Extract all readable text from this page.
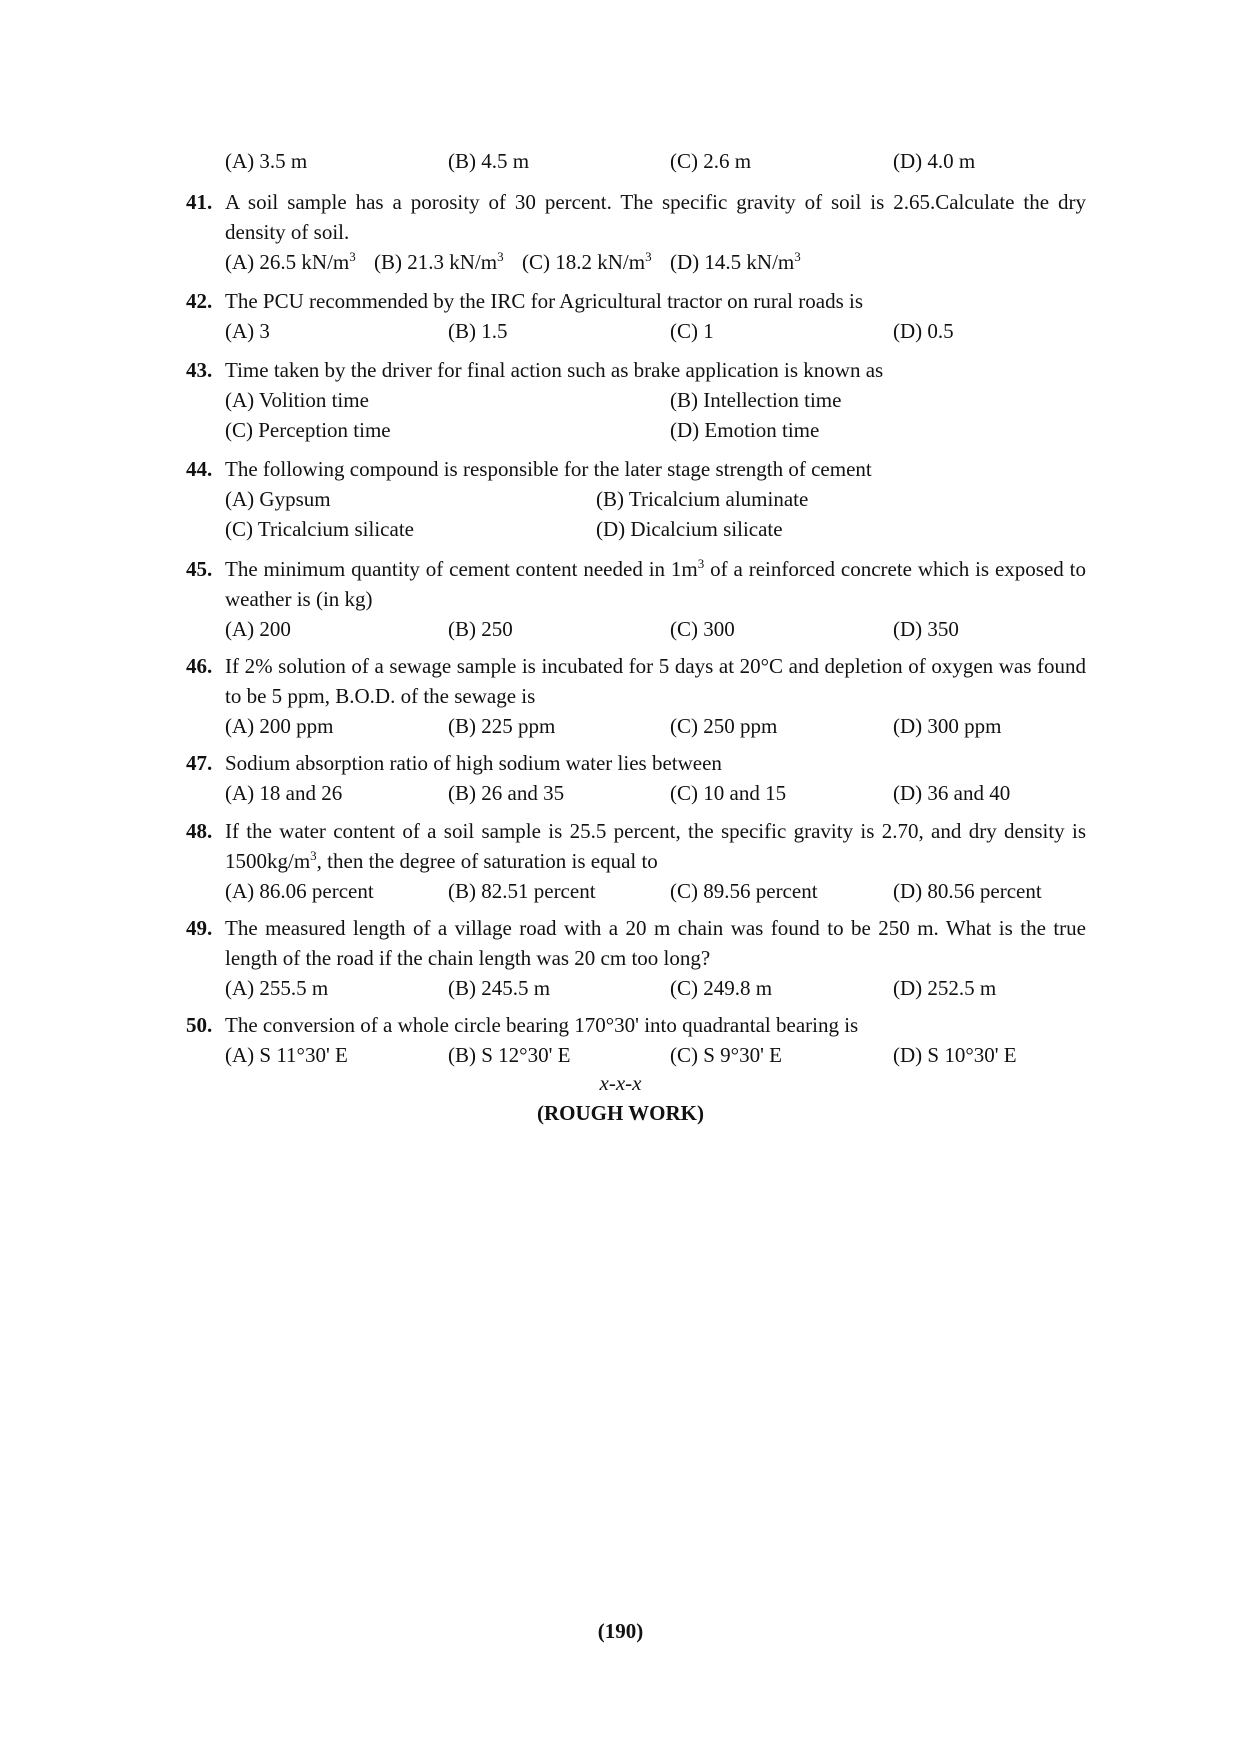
(A) 3.5 m	(B) 4.5 m	(C) 2.6 m	(D) 4.0 m
41. A soil sample has a porosity of 30 percent. The specific gravity of soil is 2.65.Calculate the dry density of soil.
(A) 26.5 $kN/m^3$ (B) 21.3 $kN/m^3$ (C) 18.2 $kN/m^3$ (D) 14.5 $kN/m^3$
42. The PCU recommended by the IRC for Agricultural tractor on rural roads is
(A) 3	(B) 1.5	(C) 1	(D) 0.5
43. Time taken by the driver for final action such as brake application is known as
(A) Volition time	(B) Intellection time
(C) Perception time	(D) Emotion time
44. The following compound is responsible for the later stage strength of cement
(A) Gypsum	(B) Tricalcium aluminate
(C) Tricalcium silicate	(D) Dicalcium silicate
45. The minimum quantity of cement content needed in $1m^3$ of a reinforced concrete which is exposed to weather is (in kg)
(A) 200	(B) 250	(C) 300	(D) 350
46. If 2% solution of a sewage sample is incubated for 5 days at 20°C and depletion of oxygen was found to be 5 ppm, B.O.D. of the sewage is
(A) 200 ppm	(B) 225 ppm	(C) 250 ppm	(D) 300 ppm
47. Sodium absorption ratio of high sodium water lies between
(A) 18 and 26	(B) 26 and 35	(C) 10 and 15	(D) 36 and 40
48. If the water content of a soil sample is 25.5 percent, the specific gravity is 2.70, and dry density is $1500kg/m^3$, then the degree of saturation is equal to
(A) 86.06 percent	(B) 82.51 percent	(C) 89.56 percent	(D) 80.56 percent
49. The measured length of a village road with a 20 m chain was found to be 250 m. What is the true length of the road if the chain length was 20 cm too long?
(A) 255.5 m	(B) 245.5 m	(C) 249.8 m	(D) 252.5 m
50. The conversion of a whole circle bearing 170°30' into quadrantal bearing is
(A) S 11°30' E	(B) S 12°30' E	(C) S 9°30' E	(D) S 10°30' E
x-x-x
(ROUGH WORK)
(190)
